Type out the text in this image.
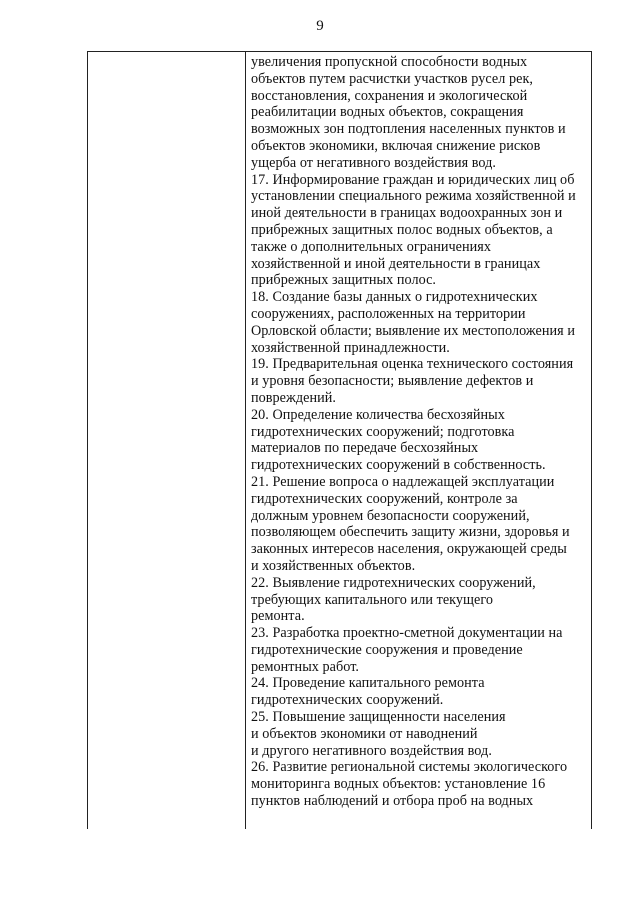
9
увеличения пропускной способности водных
объектов путем расчистки участков русел рек,
восстановления, сохранения и экологической
реабилитации водных объектов, сокращения
возможных зон подтопления населенных пунктов и
объектов экономики, включая снижение рисков
ущерба от негативного воздействия вод.
17. Информирование граждан и юридических лиц об
установлении специального режима хозяйственной и
иной деятельности в границах водоохранных зон и
прибрежных защитных полос водных объектов, а
также о дополнительных ограничениях
хозяйственной и иной деятельности в границах
прибрежных защитных полос.
18. Создание базы данных о гидротехнических
сооружениях, расположенных на территории
Орловской области; выявление их местоположения и
хозяйственной принадлежности.
19. Предварительная оценка технического состояния
и уровня безопасности; выявление дефектов и
повреждений.
20. Определение количества бесхозяйных
гидротехнических сооружений; подготовка
материалов по передаче бесхозяйных
гидротехнических сооружений в собственность.
21. Решение вопроса о надлежащей эксплуатации
гидротехнических сооружений, контроле за
должным уровнем безопасности сооружений,
позволяющем обеспечить защиту жизни, здоровья и
законных интересов населения, окружающей среды
и хозяйственных объектов.
22. Выявление гидротехнических сооружений,
требующих капитального или текущего
ремонта.
23. Разработка проектно-сметной документации на
гидротехнические сооружения и проведение
ремонтных работ.
24. Проведение капитального ремонта
гидротехнических сооружений.
25. Повышение защищенности населения
и объектов экономики от наводнений
и другого негативного воздействия вод.
26. Развитие региональной системы экологического
мониторинга водных объектов: установление 16
пунктов наблюдений и отбора проб на водных
